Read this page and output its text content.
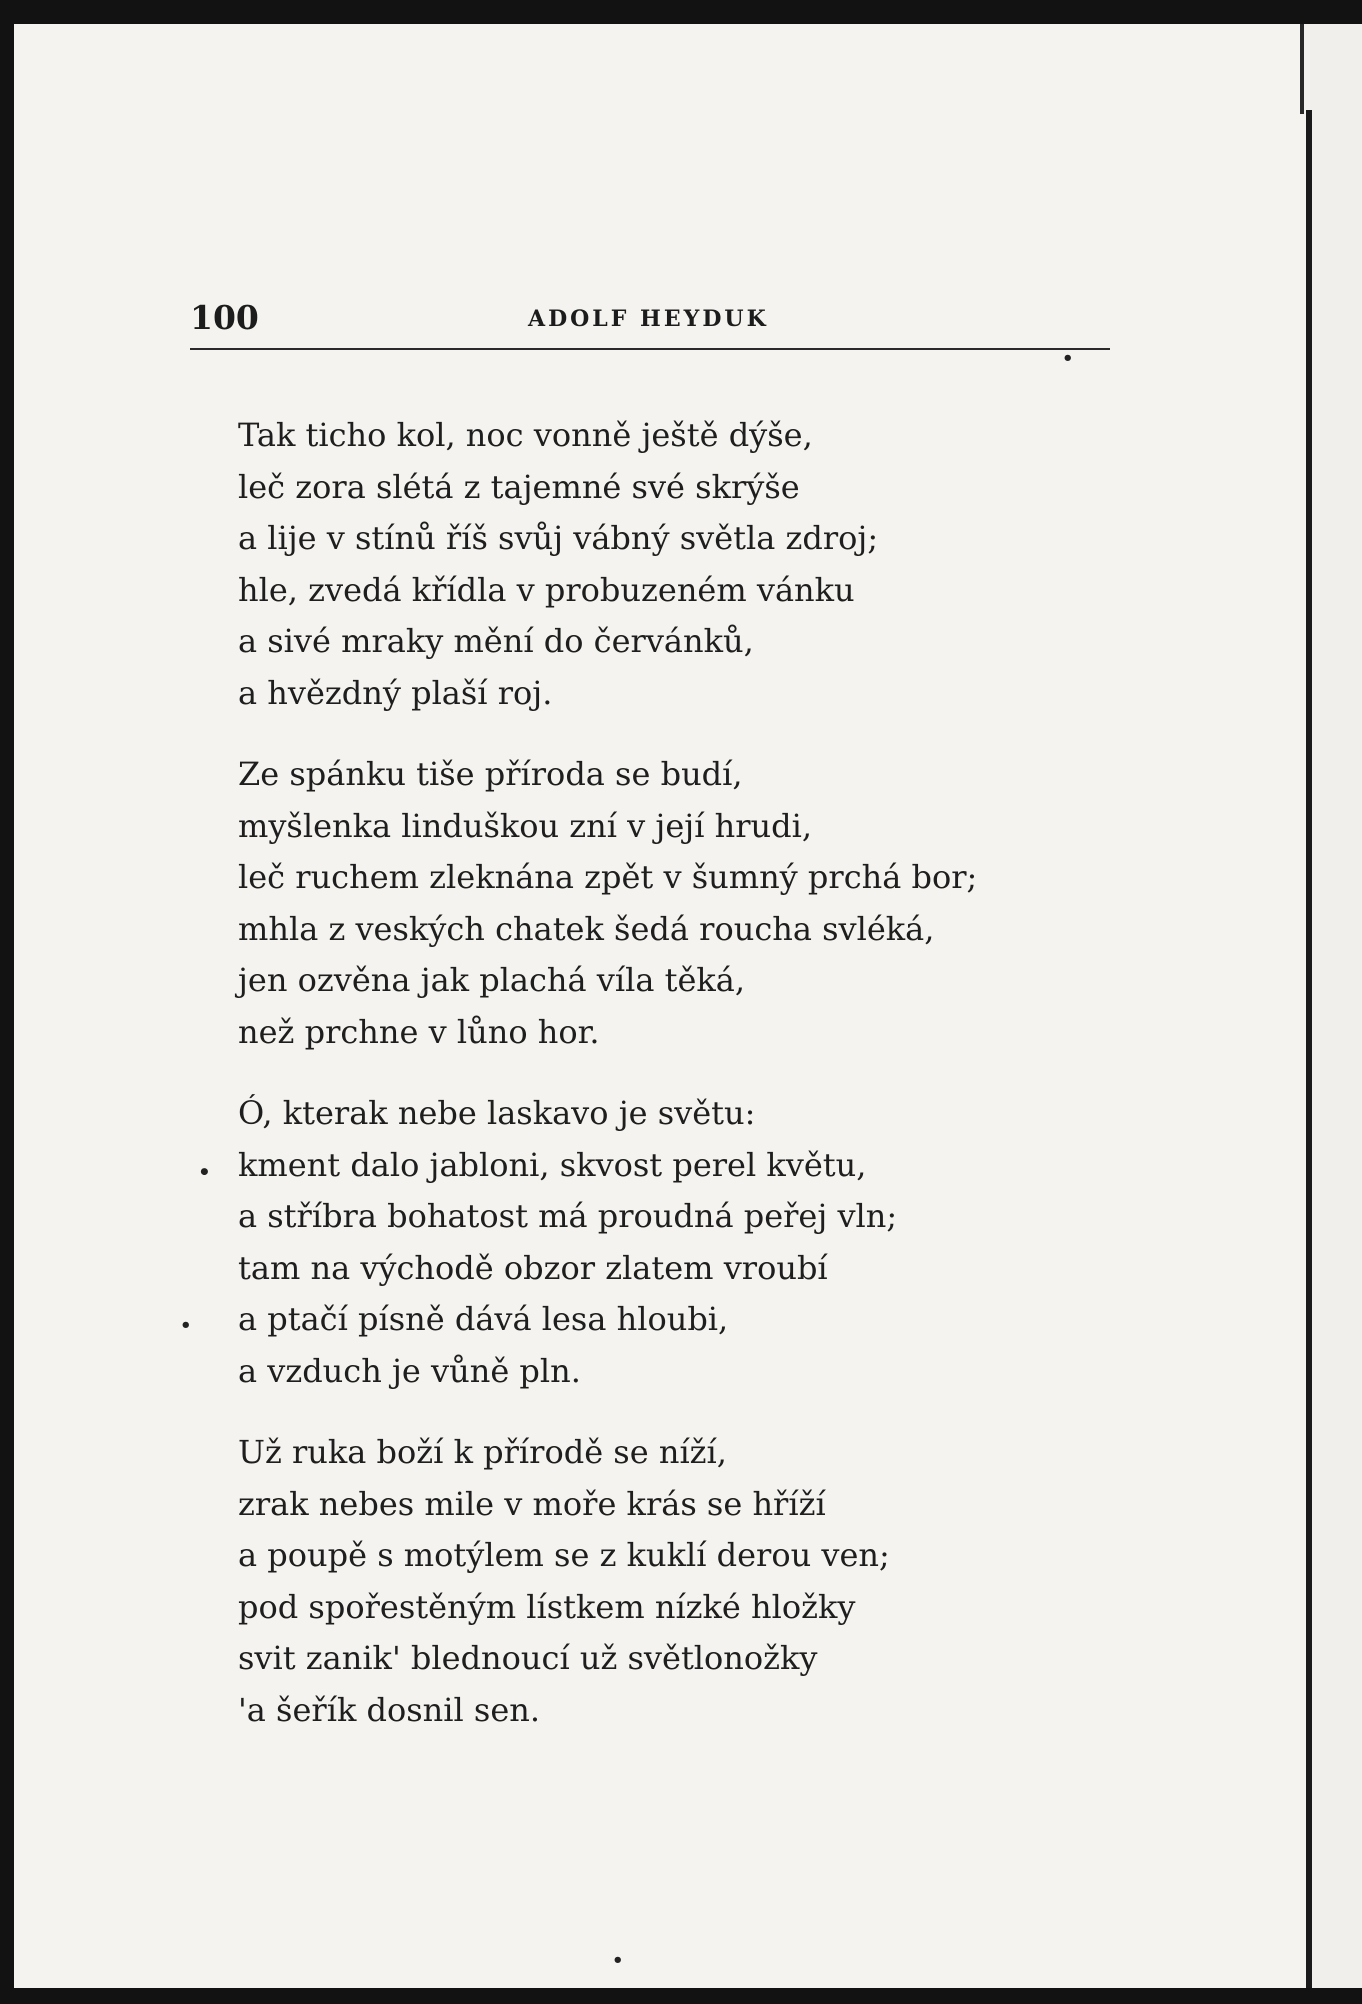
100	ADOLF HEYDUK
Tak ticho kol, noc vonně ještě dýše,
leč zora slétá z tajemné své skrýše
a lije v stínů říš svůj vábný světla zdroj;
hle, zvedá křídla v probuzeném vánku
a sivé mraky mění do červánků,
a hvězdný plaší roj.
Ze spánku tiše příroda se budí,
myšlenka linduškou zní v její hrudi,
leč ruchem zleknána zpět v šumný prchá bor;
mhla z veských chatek šedá roucha svléká,
jen ozvěna jak plachá víla těká,
než prchne v lůno hor.
Ó, kterak nebe laskavo je světu:
kment dalo jabloni, skvost perel květu,
a stříbra bohatost má proudná peřej vln;
tam na východě obzor zlatem vroubí
a ptačí písně dává lesa hloubi,
a vzduch je vůně pln.
Už ruka boží k přírodě se níží,
zrak nebes mile v moře krás se hříží
a poupě s motýlem se z kuklí derou ven;
pod spořestěným lístkem nízké hložky
svit zanik' blednoucí už světlonožky
'a šeřík dosnil sen.
•
•
•
•
